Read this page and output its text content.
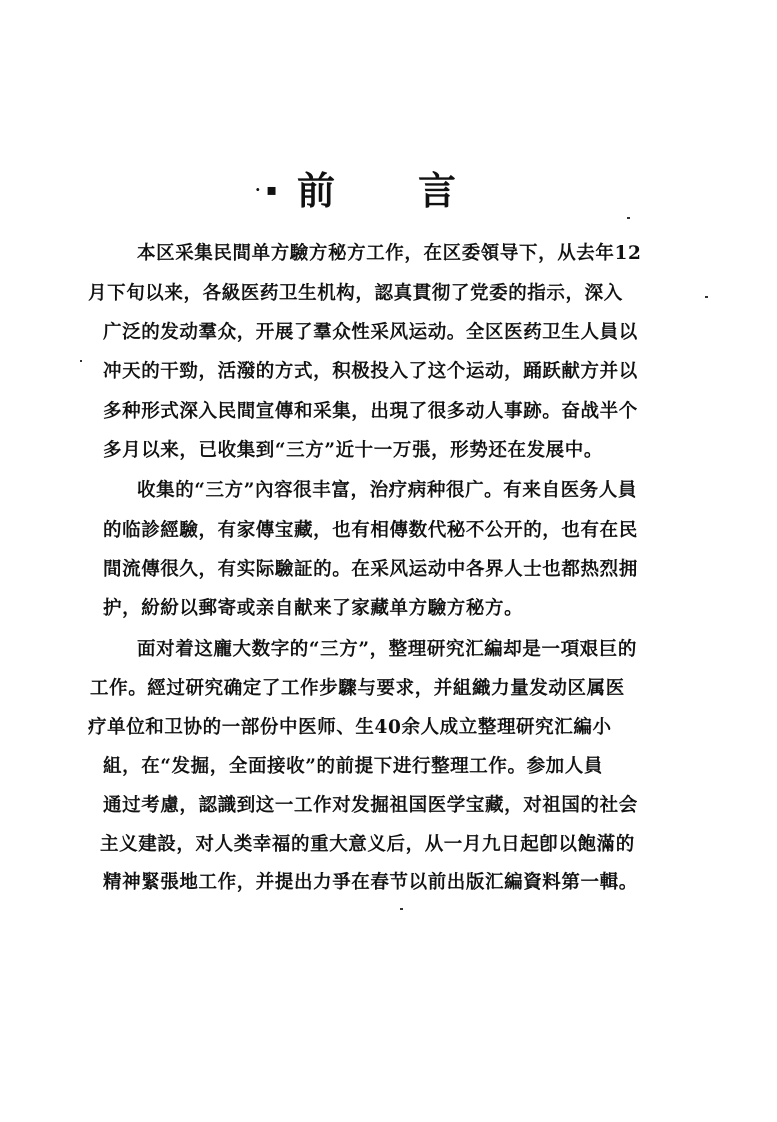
· ▪ 前 言
本区采集民間单方驗方秘方工作，在区委領导下，从去年12
月下旬以来，各級医药卫生机构，認真貫彻了党委的指示，深入
广泛的发动羣众，开展了羣众性采风运动。全区医药卫生人員以
冲天的干勁，活潑的方式，积极投入了这个运动，踊跃献方并以
多种形式深入民間宣傳和采集，出現了很多动人事跡。奋战半个
多月以来，已收集到“三方”近十一万張，形势还在发展中。
收集的“三方”內容很丰富，治疗病种很广。有来自医务人員
的临診經驗，有家傳宝藏，也有相傳数代秘不公开的，也有在民
間流傳很久，有实际驗証的。在采风运动中各界人士也都热烈拥
护，紛紛以郵寄或亲自献来了家藏单方驗方秘方。
面对着这龐大数字的“三方”，整理研究汇編却是一項艰巨的
工作。經过研究确定了工作步驟与要求，并組織力量发动区属医
疗单位和卫协的一部份中医师、生40余人成立整理研究汇編小
組，在“发掘，全面接收”的前提下进行整理工作。参加人員
通过考慮，認識到这一工作对发掘祖国医学宝藏，对祖国的社会
主义建設，对人类幸福的重大意义后，从一月九日起卽以飽滿的
精神緊張地工作，并提出力爭在春节以前出版汇編資料第一輯。
